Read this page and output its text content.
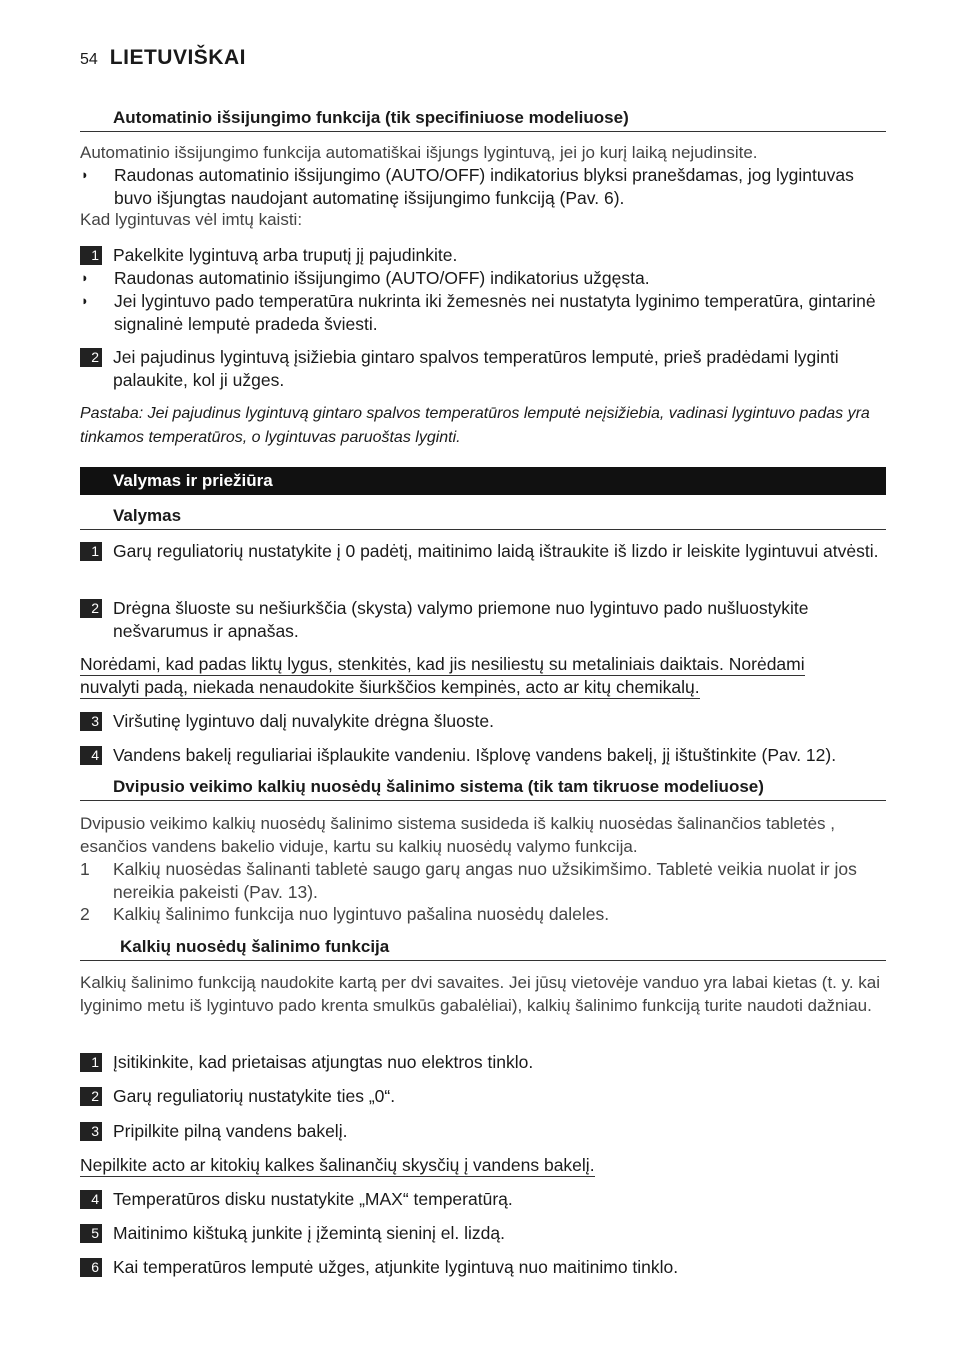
54 LIETUVIŠKAI
Automatinio išsijungimo funkcija (tik specifiniuose modeliuose)
Automatinio išsijungimo funkcija automatiškai išjungs lygintuvą, jei jo kurį laiką nejudinsite.
◗	Raudonas automatinio išsijungimo (AUTO/OFF) indikatorius blyksi pranešdamas, jog lygintuvas buvo išjungtas naudojant automatinę išsijungimo funkciją (Pav. 6).
Kad lygintuvas vėl imtų kaisti:
1 Pakelkite lygintuvą arba truputį jį pajudinkite.
◗	Raudonas automatinio išsijungimo (AUTO/OFF) indikatorius užgęsta.
◗	Jei lygintuvo pado temperatūra nukrinta iki žemesnės nei nustatyta lyginimo temperatūra, gintarinė signalinė lemputė pradeda šviesti.
2 Jei pajudinus lygintuvą įsižiebia gintaro spalvos temperatūros lemputė, prieš pradėdami lyginti palaukite, kol ji užges.
Pastaba: Jei pajudinus lygintuvą gintaro spalvos temperatūros lemputė neįsižiebia, vadinasi lygintuvo padas yra tinkamos temperatūros, o lygintuvas paruoštas lyginti.
Valymas ir priežiūra
Valymas
1 Garų reguliatorių nustatykite į 0 padėtį, maitinimo laidą ištraukite iš lizdo ir leiskite lygintuvui atvėsti.
2 Drėgna šluoste su nešiurkščia (skysta) valymo priemone nuo lygintuvo pado nušluostykite nešvarumus ir apnašas.
Norėdami, kad padas liktų lygus, stenkitės, kad jis nesiliestų su metaliniais daiktais. Norėdami
nuvalyti padą, niekada nenaudokite šiurkščios kempinės, acto ar kitų chemikalų.
3 Viršutinę lygintuvo dalį nuvalykite drėgna šluoste.
4 Vandens bakelį reguliariai išplaukite vandeniu. Išplovę vandens bakelį, jį ištuštinkite (Pav. 12).
Dvipusio veikimo kalkių nuosėdų šalinimo sistema (tik tam tikruose modeliuose)
Dvipusio veikimo kalkių nuosėdų šalinimo sistema susideda iš kalkių nuosėdas šalinančios tabletės , esančios vandens bakelio viduje, kartu su kalkių nuosėdų valymo funkcija.
1	Kalkių nuosėdas šalinanti tabletė saugo garų angas nuo užsikimšimo. Tabletė veikia nuolat ir jos nereikia pakeisti (Pav. 13).
2	Kalkių šalinimo funkcija nuo lygintuvo pašalina nuosėdų daleles.
Kalkių nuosėdų šalinimo funkcija
Kalkių šalinimo funkciją naudokite kartą per dvi savaites. Jei jūsų vietovėje vanduo yra labai kietas (t. y. kai lyginimo metu iš lygintuvo pado krenta smulkūs gabalėliai), kalkių šalinimo funkciją turite naudoti dažniau.
1 Įsitikinkite, kad prietaisas atjungtas nuo elektros tinklo.
2 Garų reguliatorių nustatykite ties „0“.
3 Pripilkite pilną vandens bakelį.
Nepilkite acto ar kitokių kalkes šalinančių skysčių į vandens bakelį.
4 Temperatūros disku nustatykite „MAX“ temperatūrą.
5 Maitinimo kištuką junkite į įžemintą sieninį el. lizdą.
6 Kai temperatūros lemputė užges, atjunkite lygintuvą nuo maitinimo tinklo.
